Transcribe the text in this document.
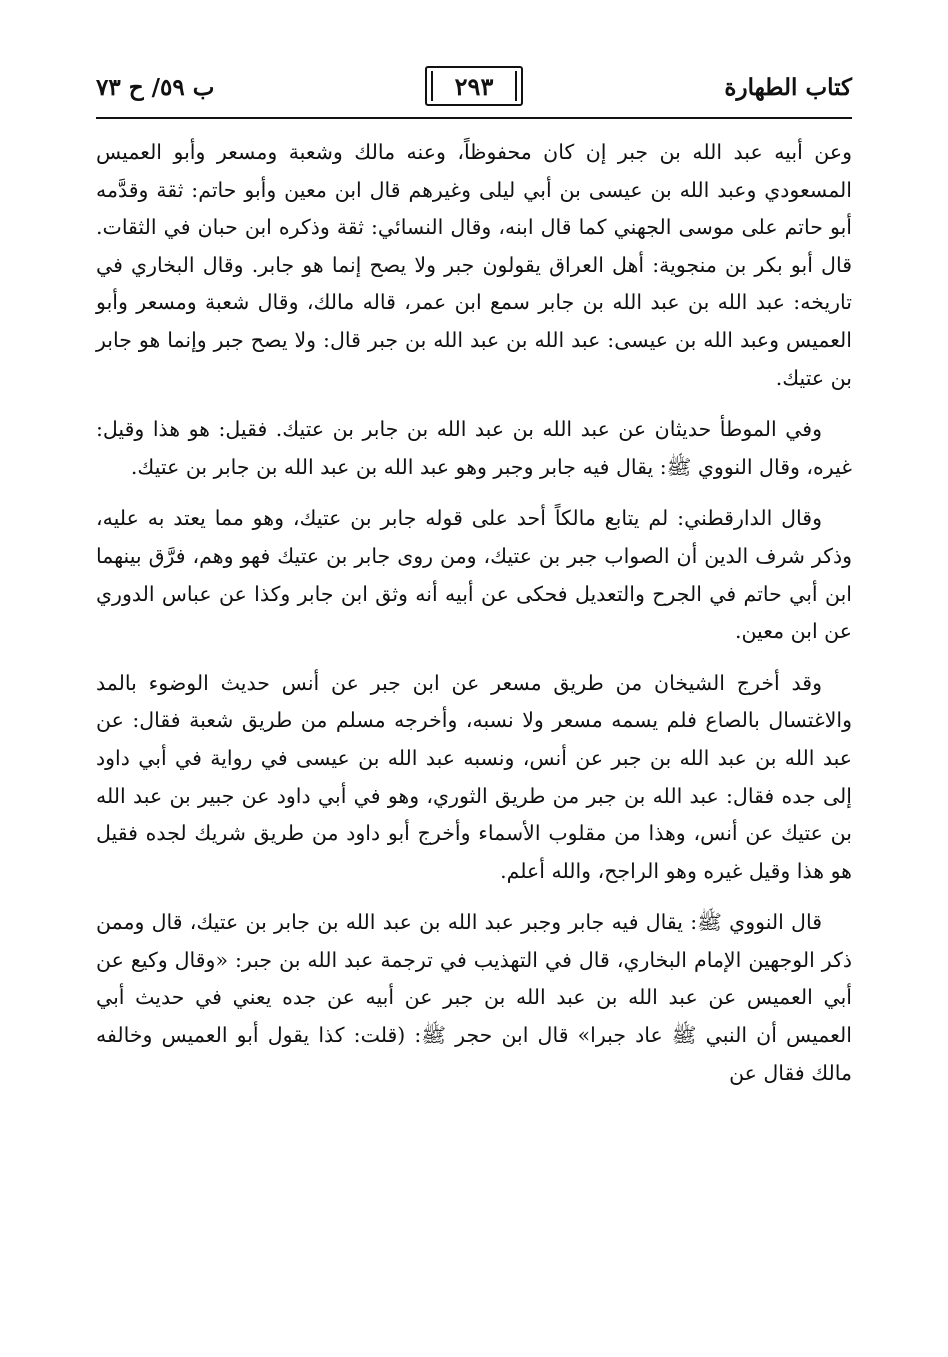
كتاب الطهارة
٢٩٣
ب ٥٩/ ح ٧٣

وعن أبيه عبد الله بن جبر إن كان محفوظاً، وعنه مالك وشعبة ومسعر وأبو العميس المسعودي وعبد الله بن عيسى بن أبي ليلى وغيرهم قال ابن معين وأبو حاتم: ثقة وقدَّمه أبو حاتم على موسى الجهني كما قال ابنه، وقال النسائي: ثقة وذكره ابن حبان في الثقات. قال أبو بكر بن منجوية: أهل العراق يقولون جبر ولا يصح إنما هو جابر. وقال البخاري في تاريخه: عبد الله بن عبد الله بن جابر سمع ابن عمر، قاله مالك، وقال شعبة ومسعر وأبو العميس وعبد الله بن عيسى: عبد الله بن عبد الله بن جبر قال: ولا يصح جبر وإنما هو جابر بن عتيك.

وفي الموطأ حديثان عن عبد الله بن عبد الله بن جابر بن عتيك. فقيل: هو هذا وقيل: غيره، وقال النووي ﷺ: يقال فيه جابر وجبر وهو عبد الله بن عبد الله بن جابر بن عتيك.

وقال الدارقطني: لم يتابع مالكاً أحد على قوله جابر بن عتيك، وهو مما يعتد به عليه، وذكر شرف الدين أن الصواب جبر بن عتيك، ومن روى جابر بن عتيك فهو وهم، فرَّق بينهما ابن أبي حاتم في الجرح والتعديل فحكى عن أبيه أنه وثق ابن جابر وكذا عن عباس الدوري عن ابن معين.

وقد أخرج الشيخان من طريق مسعر عن ابن جبر عن أنس حديث الوضوء بالمد والاغتسال بالصاع فلم يسمه مسعر ولا نسبه، وأخرجه مسلم من طريق شعبة فقال: عن عبد الله بن عبد الله بن جبر عن أنس، ونسبه عبد الله بن عيسى في رواية في أبي داود إلى جده فقال: عبد الله بن جبر من طريق الثوري، وهو في أبي داود عن جبير بن عبد الله بن عتيك عن أنس، وهذا من مقلوب الأسماء وأخرج أبو داود من طريق شريك لجده فقيل هو هذا وقيل غيره وهو الراجح، والله أعلم.

قال النووي ﷺ: يقال فيه جابر وجبر عبد الله بن عبد الله بن جابر بن عتيك، قال وممن ذكر الوجهين الإمام البخاري، قال في التهذيب في ترجمة عبد الله بن جبر: «وقال وكيع عن أبي العميس عن عبد الله بن عبد الله بن جبر عن أبيه عن جده يعني في حديث أبي العميس أن النبي ﷺ عاد جبرا» قال ابن حجر ﷺ: (قلت: كذا يقول أبو العميس وخالفه مالك فقال عن
